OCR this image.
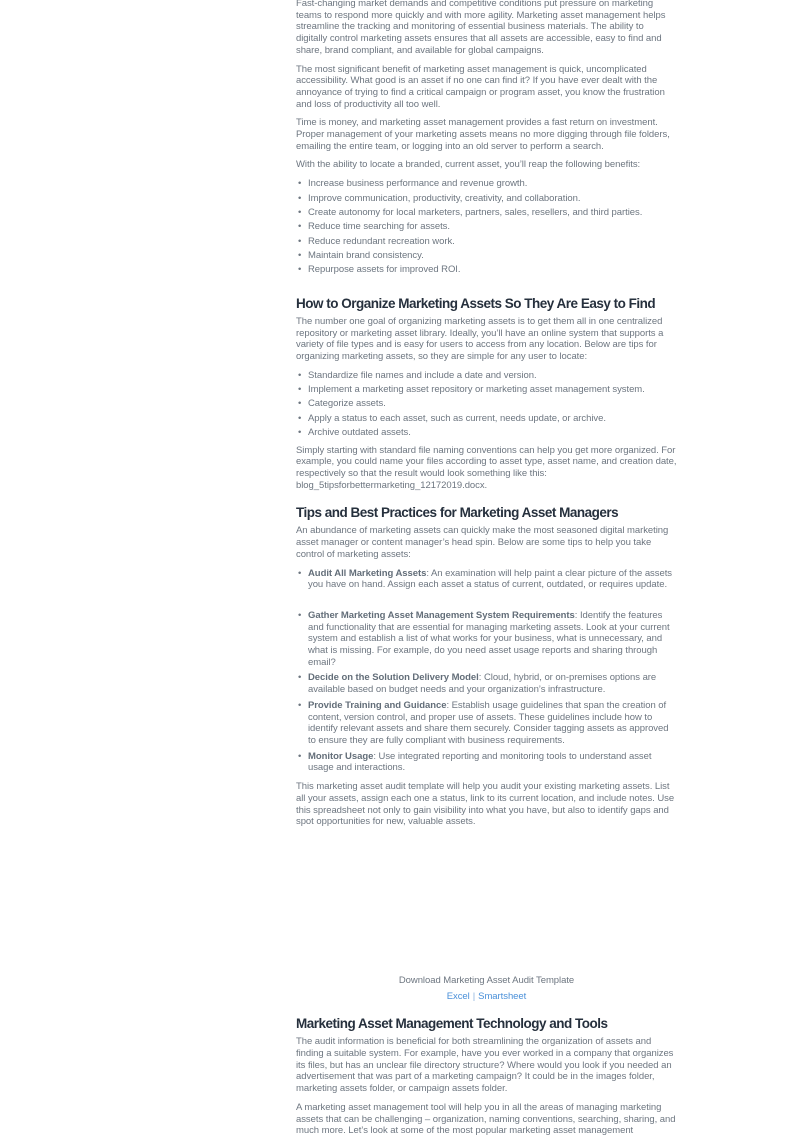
Fast-changing market demands and competitive conditions put pressure on marketing teams to respond more quickly and with more agility. Marketing asset management helps streamline the tracking and monitoring of essential business materials. The ability to digitally control marketing assets ensures that all assets are accessible, easy to find and share, brand compliant, and available for global campaigns.

The most significant benefit of marketing asset management is quick, uncomplicated accessibility. What good is an asset if no one can find it? If you have ever dealt with the annoyance of trying to find a critical campaign or program asset, you know the frustration and loss of productivity all too well.

Time is money, and marketing asset management provides a fast return on investment. Proper management of your marketing assets means no more digging through file folders, emailing the entire team, or logging into an old server to perform a search.

With the ability to locate a branded, current asset, you’ll reap the following benefits:

• Increase business performance and revenue growth.
• Improve communication, productivity, creativity, and collaboration.
• Create autonomy for local marketers, partners, sales, resellers, and third parties.
• Reduce time searching for assets.
• Reduce redundant recreation work.
• Maintain brand consistency.
• Repurpose assets for improved ROI.
How to Organize Marketing Assets So They Are Easy to Find

The number one goal of organizing marketing assets is to get them all in one centralized repository or marketing asset library. Ideally, you’ll have an online system that supports a variety of file types and is easy for users to access from any location. Below are tips for organizing marketing assets, so they are simple for any user to locate:

• Standardize file names and include a date and version.
• Implement a marketing asset repository or marketing asset management system.
• Categorize assets.
• Apply a status to each asset, such as current, needs update, or archive.
• Archive outdated assets.

Simply starting with standard file naming conventions can help you get more organized. For example, you could name your files according to asset type, asset name, and creation date, respectively so that the result would look something like this: blog_5tipsforbettermarketing_12172019.docx.

Tips and Best Practices for Marketing Asset Managers

An abundance of marketing assets can quickly make the most seasoned digital marketing asset manager or content manager’s head spin. Below are some tips to help you take control of marketing assets:

• Audit All Marketing Assets: An examination will help paint a clear picture of the assets you have on hand. Assign each asset a status of current, outdated, or requires update.
• Gather Marketing Asset Management System Requirements: Identify the features and functionality that are essential for managing marketing assets. Look at your current system and establish a list of what works for your business, what is unnecessary, and what is missing. For example, do you need asset usage reports and sharing through email?
• Decide on the Solution Delivery Model: Cloud, hybrid, or on-premises options are available based on budget needs and your organization’s infrastructure.
• Provide Training and Guidance: Establish usage guidelines that span the creation of content, version control, and proper use of assets. These guidelines include how to identify relevant assets and share them securely. Consider tagging assets as approved to ensure they are fully compliant with business requirements.
• Monitor Usage: Use integrated reporting and monitoring tools to understand asset usage and interactions.

This marketing asset audit template will help you audit your existing marketing assets. List all your assets, assign each one a status, link to its current location, and include notes. Use this spreadsheet not only to gain visibility into what you have, but also to identify gaps and spot opportunities for new, valuable assets.

Download Marketing Asset Audit Template

Excel | Smartsheet

Marketing Asset Management Technology and Tools

The audit information is beneficial for both streamlining the organization of assets and finding a suitable system. For example, have you ever worked in a company that organizes its files, but has an unclear file directory structure? Where would you look if you needed an advertisement that was part of a marketing campaign? It could be in the images folder, marketing assets folder, or campaign assets folder.

A marketing asset management tool will help you in all the areas of managing marketing assets that can be challenging – organization, naming conventions, searching, sharing, and much more. Let’s look at some of the most popular marketing asset management
